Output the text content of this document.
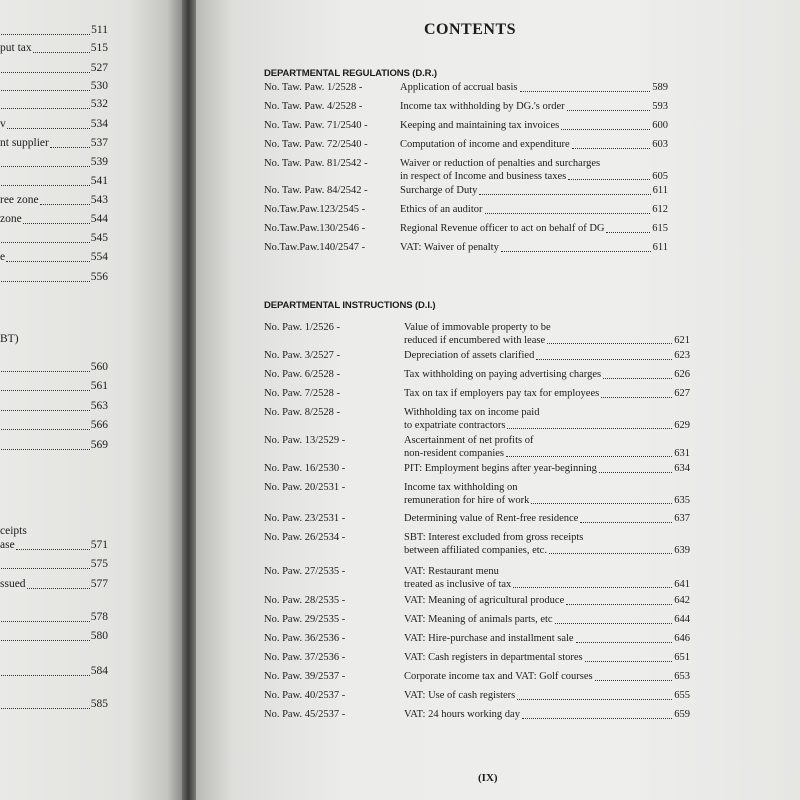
511
put tax	515
527
530
532
v	534
nt supplier	537
539
541
ree zone	543
zone	544
545
e	554
556
BT)
560
561
563
566
569
ceipts
ase	571
575
ssued	577
578
580
584
585
CONTENTS
DEPARTMENTAL REGULATIONS (D.R.)
No. Taw. Paw. 1/2528 -	Application of accrual basis	589
No. Taw. Paw. 4/2528 -	Income tax withholding by DG.'s order	593
No. Taw. Paw. 71/2540 -	Keeping and maintaining tax invoices	600
No. Taw. Paw. 72/2540 -	Computation of income and expenditure	603
No. Taw. Paw. 81/2542 -	Waiver or reduction of penalties and surcharges
in respect of Income and business taxes	605
No. Taw. Paw. 84/2542 -	Surcharge of Duty	611
No.Taw.Paw.123/2545 -	Ethics of an auditor	612
No.Taw.Paw.130/2546 -	Regional Revenue officer to act on behalf of DG	615
No.Taw.Paw.140/2547 -	VAT: Waiver of penalty	611
DEPARTMENTAL INSTRUCTIONS (D.I.)
No. Paw. 1/2526 -	Value of immovable property to be
reduced if encumbered with lease	621
No. Paw. 3/2527 -	Depreciation of assets clarified	623
No. Paw. 6/2528 -	Tax withholding on paying advertising charges	626
No. Paw. 7/2528 -	Tax on tax if employers pay tax for employees	627
No. Paw. 8/2528 -	Withholding tax on income paid
to expatriate contractors	629
No. Paw. 13/2529 -	Ascertainment of net profits of
non-resident companies	631
No. Paw. 16/2530 -	PIT: Employment begins after year-beginning	634
No. Paw. 20/2531 -	Income tax withholding on
remuneration for hire of work	635
No. Paw. 23/2531 -	Determining value of Rent-free residence	637
No. Paw. 26/2534 -	SBT: Interest excluded from gross receipts
between affiliated companies, etc.	639
No. Paw. 27/2535 -	VAT: Restaurant menu
treated as inclusive of tax	641
No. Paw. 28/2535 -	VAT: Meaning of agricultural produce	642
No. Paw. 29/2535 -	VAT: Meaning of animals parts, etc	644
No. Paw. 36/2536 -	VAT: Hire-purchase and installment sale	646
No. Paw. 37/2536 -	VAT: Cash registers in departmental stores	651
No. Paw. 39/2537 -	Corporate income tax and VAT: Golf courses	653
No. Paw. 40/2537 -	VAT: Use of cash registers	655
No. Paw. 45/2537 -	VAT: 24 hours working day	659
(IX)
